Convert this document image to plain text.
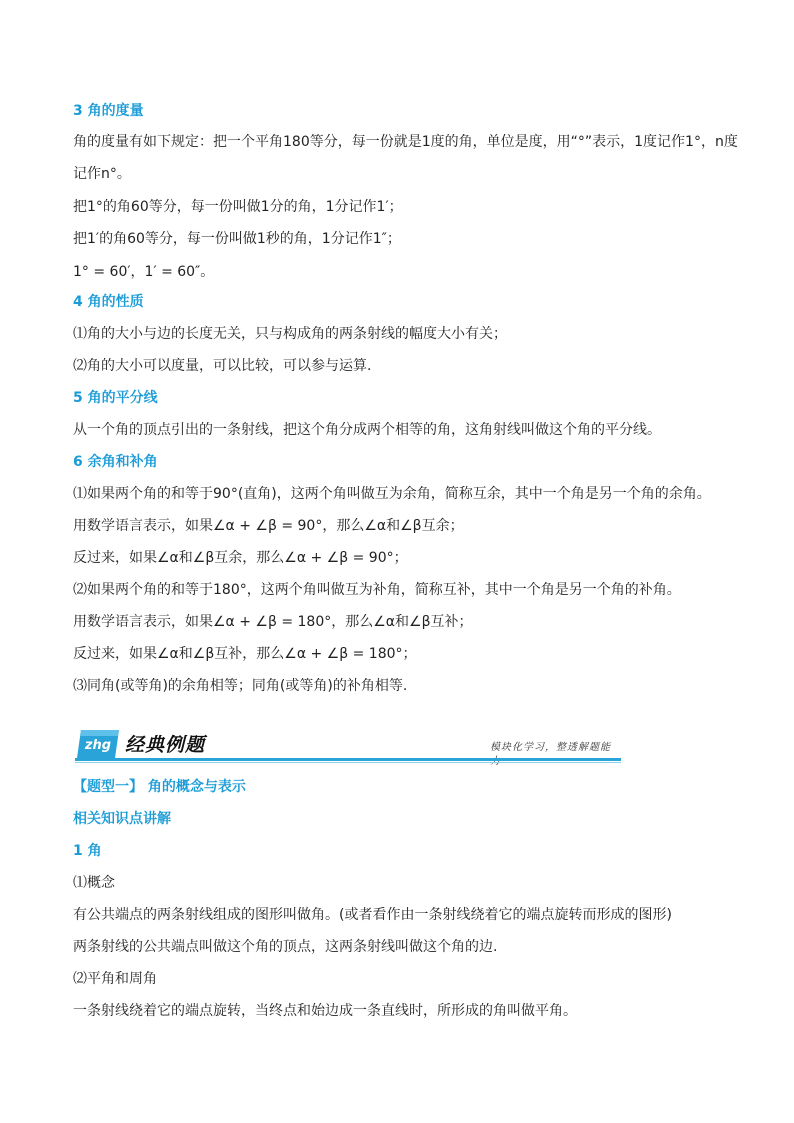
3 角的度量
角的度量有如下规定：把一个平角180等分，每一份就是1度的角，单位是度，用“°”表示，1度记作1°，n度
记作n°。
把1°的角60等分，每一份叫做1分的角，1分记作1′；
把1′的角60等分，每一份叫做1秒的角，1分记作1″；
1° = 60′，1′ = 60″。
4 角的性质
⑴角的大小与边的长度无关，只与构成角的两条射线的幅度大小有关；
⑵角的大小可以度量，可以比较，可以参与运算.
5 角的平分线
从一个角的顶点引出的一条射线，把这个角分成两个相等的角，这角射线叫做这个角的平分线。
6 余角和补角
⑴如果两个角的和等于90°(直角)，这两个角叫做互为余角，简称互余，其中一个角是另一个角的余角。
用数学语言表示，如果∠α + ∠β = 90°，那么∠α和∠β互余；
反过来，如果∠α和∠β互余，那么∠α + ∠β = 90°；
⑵如果两个角的和等于180°，这两个角叫做互为补角，简称互补，其中一个角是另一个角的补角。
用数学语言表示，如果∠α + ∠β = 180°，那么∠α和∠β互补；
反过来，如果∠α和∠β互补，那么∠α + ∠β = 180°；
⑶同角(或等角)的余角相等；同角(或等角)的补角相等.
zhg 经典例题	模块化学习，整透解题能
【题型一】 角的概念与表示
相关知识点讲解
1 角
⑴概念
有公共端点的两条射线组成的图形叫做角。(或者看作由一条射线绕着它的端点旋转而形成的图形)
两条射线的公共端点叫做这个角的顶点，这两条射线叫做这个角的边.
⑵平角和周角
一条射线绕着它的端点旋转，当终点和始边成一条直线时，所形成的角叫做平角。
